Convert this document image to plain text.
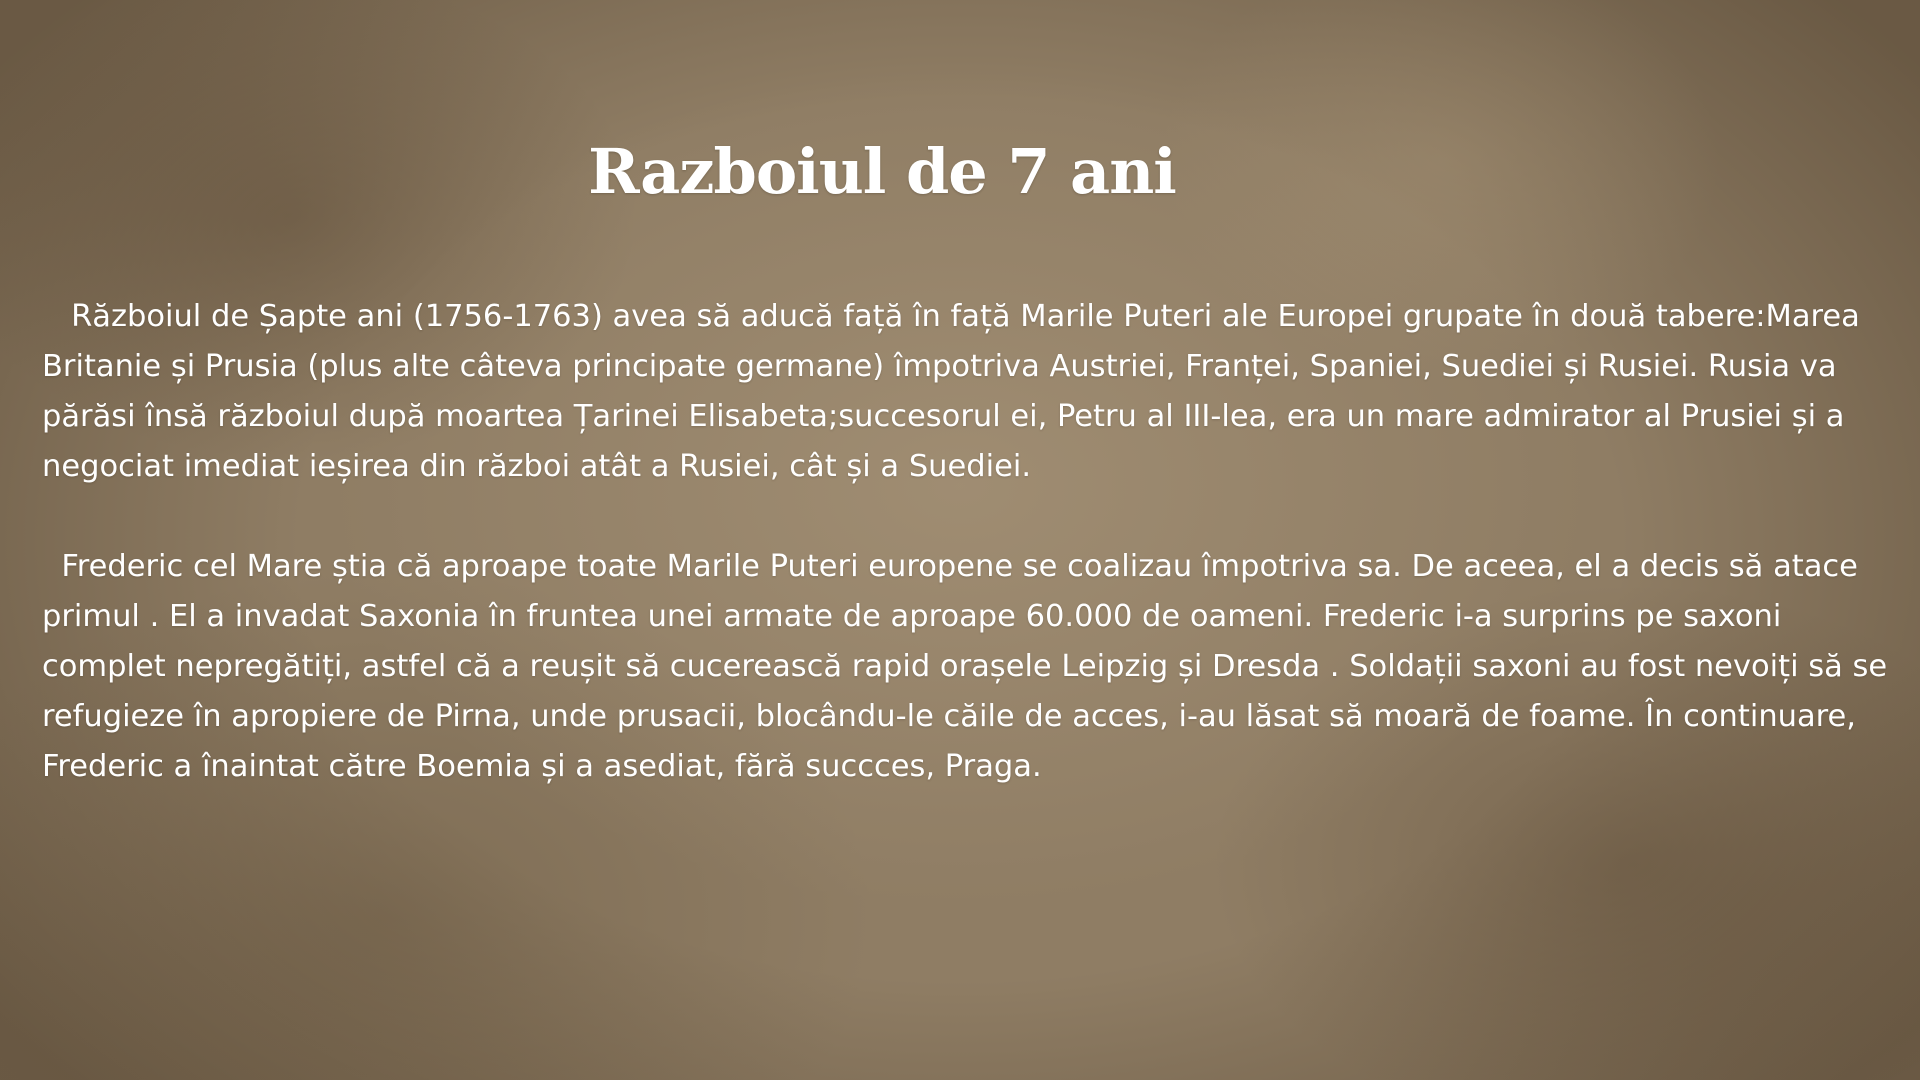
Razboiul de 7 ani

Războiul de Șapte ani (1756-1763) avea să aducă față în față Marile Puteri ale Europei grupate în două tabere:Marea Britanie și Prusia (plus alte câteva principate germane) împotriva Austriei, Franței, Spaniei, Suediei și Rusiei. Rusia va părăsi însă războiul după moartea Țarinei Elisabeta;succesorul ei, Petru al III-lea, era un mare admirator al Prusiei și a negociat imediat ieșirea din război atât a Rusiei, cât și a Suediei.

Frederic cel Mare știa că aproape toate Marile Puteri europene se coalizau împotriva sa. De aceea, el a decis să atace primul . El a invadat Saxonia în fruntea unei armate de aproape 60.000 de oameni. Frederic i-a surprins pe saxoni complet nepregătiți, astfel că a reușit să cucerească rapid orașele Leipzig și Dresda . Soldații saxoni au fost nevoiți să se refugieze în apropiere de Pirna, unde prusacii, blocându-le căile de acces, i-au lăsat să moară de foame. În continuare, Frederic a înaintat către Boemia și a asediat, fără succces, Praga.
